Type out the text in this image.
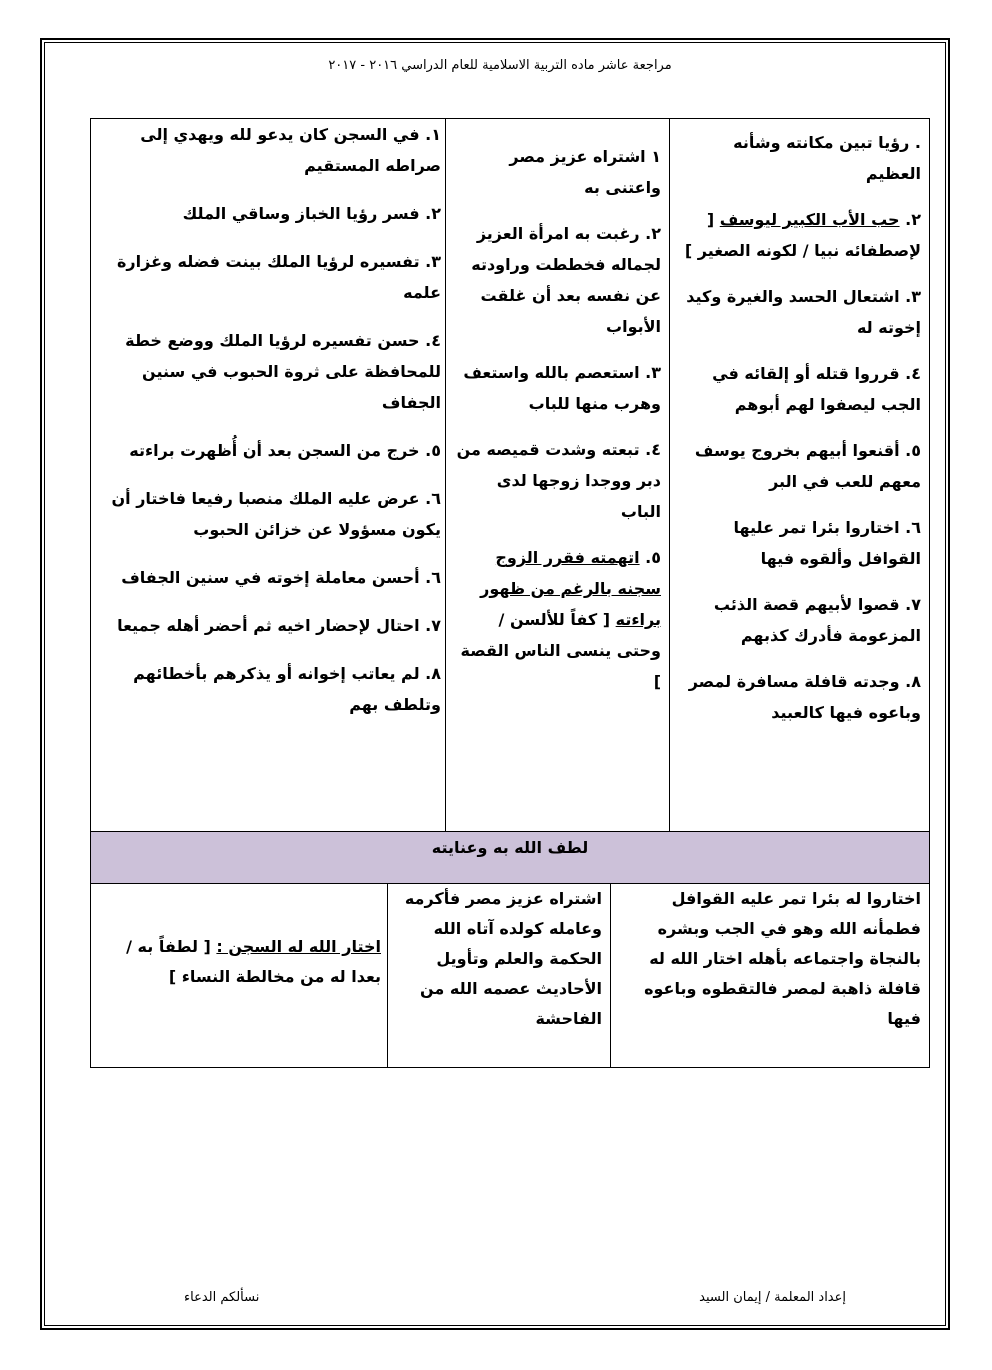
مراجعة عاشر ماده التربية الاسلامية للعام الدراسي ٢٠١٦ - ٢٠١٧
. رؤيا تبين مكانته وشأنه العظيم
٢. حب الأب الكبير ليوسف [ لإصطفائه نبيا / لكونه الصغير ]
٣. اشتعال الحسد والغيرة وكيد إخوته له
٤. قرروا قتله أو إلقائه في الجب ليصفوا لهم أبوهم
٥. أقنعوا أبيهم بخروج يوسف معهم للعب في البر
٦. اختاروا بئرا تمر عليها القوافل وألقوه فيها
٧. قصوا لأبيهم قصة الذئب المزعومة فأدرك كذبهم
٨. وجدته قافلة مسافرة لمصر وباعوه فيها كالعبيد
١ اشتراه عزيز مصر واعتنى به
٢. رغبت به امرأة العزيز لجماله فخططت وراودته عن نفسه بعد أن غلقت الأبواب
٣. استعصم بالله واستعف وهرب منها للباب
٤. تبعته وشدت قميصه من دبر ووجدا زوجها لدى الباب
٥. اتهمته فقرر الزوج سجنه بالرغم من ظهور براءته [ كفاً للألسن / وحتى ينسى الناس القصة ]
١. في السجن كان يدعو لله ويهدي إلى صراطه المستقيم
٢. فسر رؤيا الخباز وساقي الملك
٣. تفسيره لرؤيا الملك بينت فضله وغزارة علمه
٤. حسن تفسيره لرؤيا الملك ووضع خطة للمحافظة على ثروة الحبوب في سنين الجفاف
٥. خرج من السجن بعد أن أُظهرت براءته
٦. عرض عليه الملك منصبا رفيعا فاختار أن يكون مسؤولا عن خزائن الحبوب
٦. أحسن معاملة إخوته في سنين الجفاف
٧. احتال لإحضار اخيه ثم أحضر أهله جميعا
٨. لم يعاتب إخوانه أو يذكرهم بأخطائهم وتلطف بهم
لطف الله به وعنايته
اختاروا له بئرا تمر عليه القوافل فطمأنه الله وهو في الجب وبشره بالنجاة واجتماعه بأهله اختار الله له قافلة ذاهبة لمصر فالتقطوه وباعوه فيها
اشتراه عزيز مصر فأكرمه وعامله كولده آتاه الله الحكمة والعلم وتأويل الأحاديث عصمه الله من الفاحشة
اختار الله له السجن : [ لطفاً به / بعدا له من مخالطة النساء ]
إعداد المعلمة / إيمان السيد
نسألكم الدعاء
